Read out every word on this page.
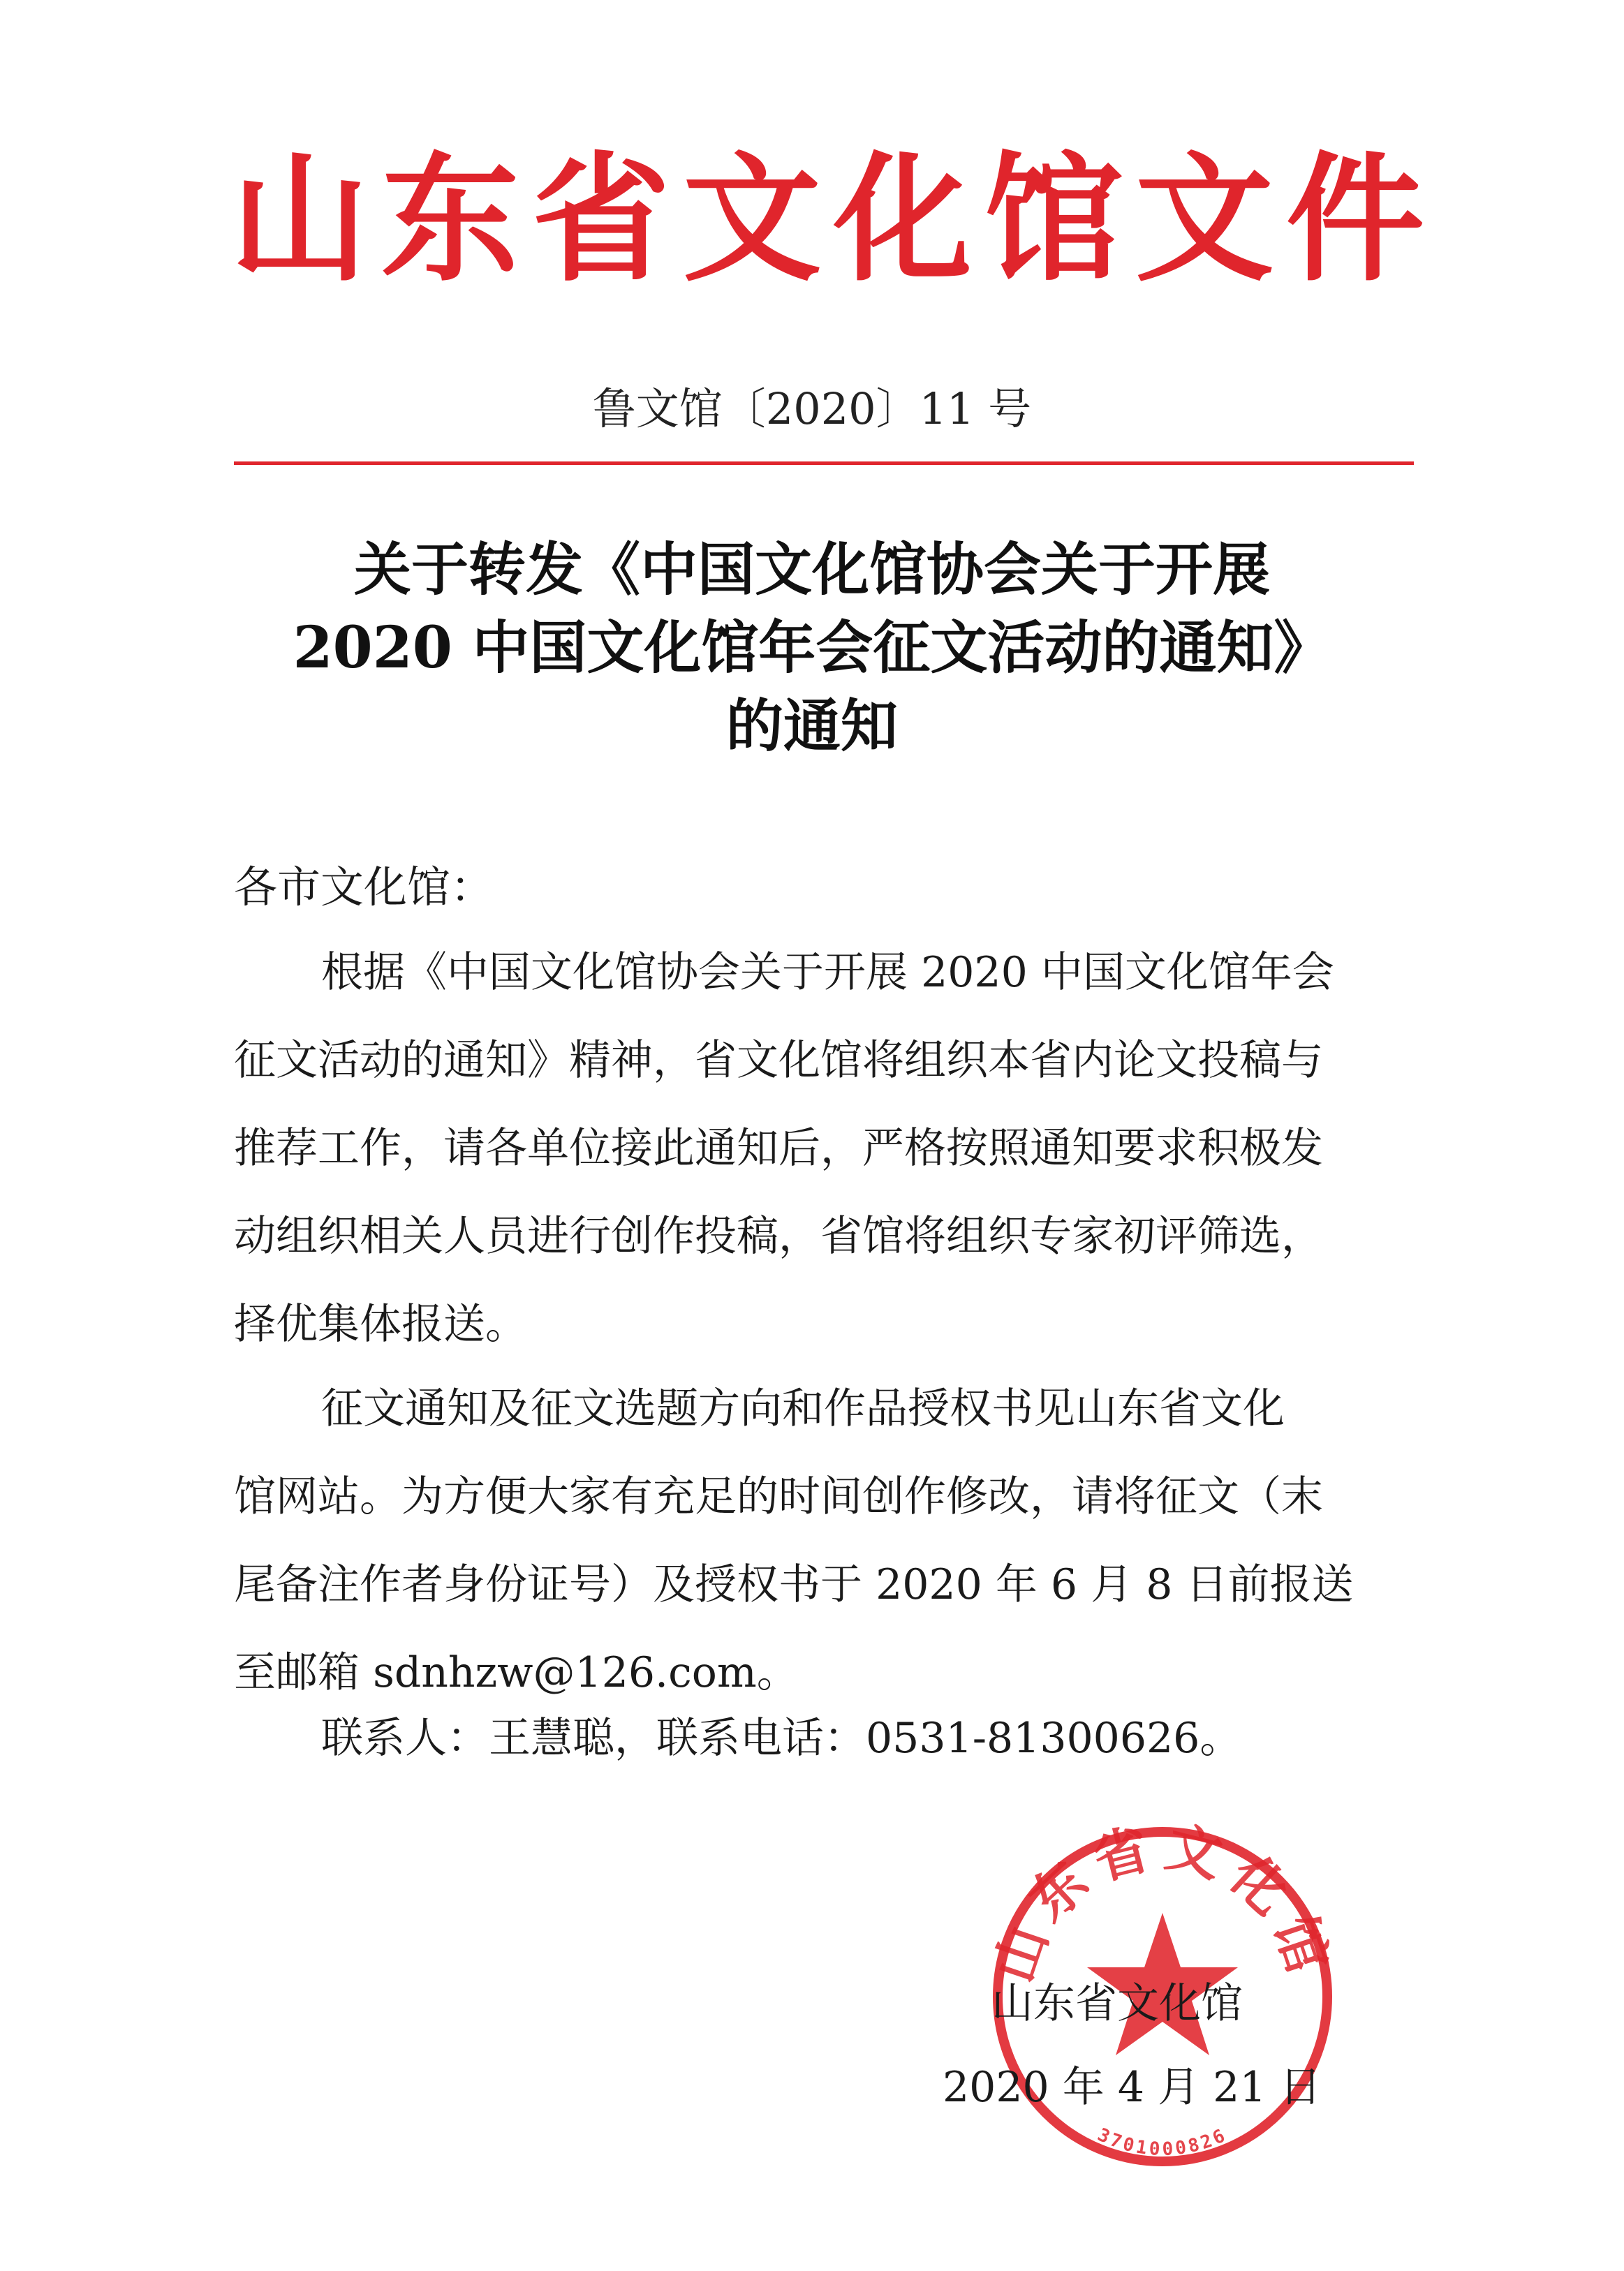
山东省文化馆文件
鲁文馆〔2020〕11 号
关于转发《中国文化馆协会关于开展
2020 中国文化馆年会征文活动的通知》
的通知
各市文化馆：
根据《中国文化馆协会关于开展 2020 中国文化馆年会
征文活动的通知》精神，省文化馆将组织本省内论文投稿与
推荐工作，请各单位接此通知后，严格按照通知要求积极发
动组织相关人员进行创作投稿，省馆将组织专家初评筛选，
择优集体报送。
征文通知及征文选题方向和作品授权书见山东省文化
馆网站。为方便大家有充足的时间创作修改，请将征文（末
尾备注作者身份证号）及授权书于 2020 年 6 月 8 日前报送
至邮箱 sdnhzw@126.com。
联系人：王慧聪，联系电话：0531-81300626。
山东省文化馆
3701000826
山东省文化馆
2020 年 4 月 21 日
